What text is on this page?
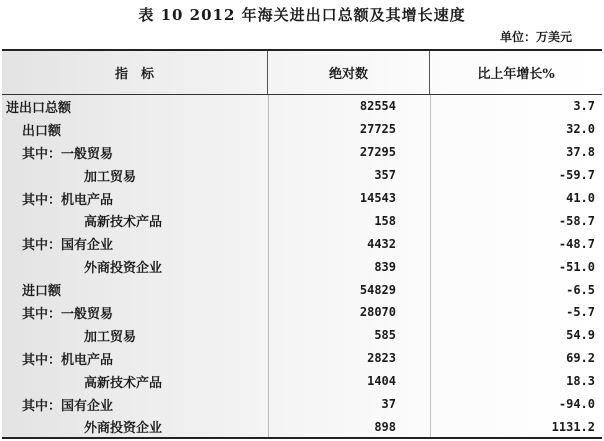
表 10 2012 年海关进出口总额及其增长速度
单位：万美元
指　标	绝对数	比上年增长%
进出口总额	82554	3.7
出口额	27725	32.0
其中：一般贸易	27295	37.8
加工贸易	357	-59.7
其中：机电产品	14543	41.0
高新技术产品	158	-58.7
其中：国有企业	4432	-48.7
外商投资企业	839	-51.0
进口额	54829	-6.5
其中：一般贸易	28070	-5.7
加工贸易	585	54.9
其中：机电产品	2823	69.2
高新技术产品	1404	18.3
其中：国有企业	37	-94.0
外商投资企业	898	1131.2
